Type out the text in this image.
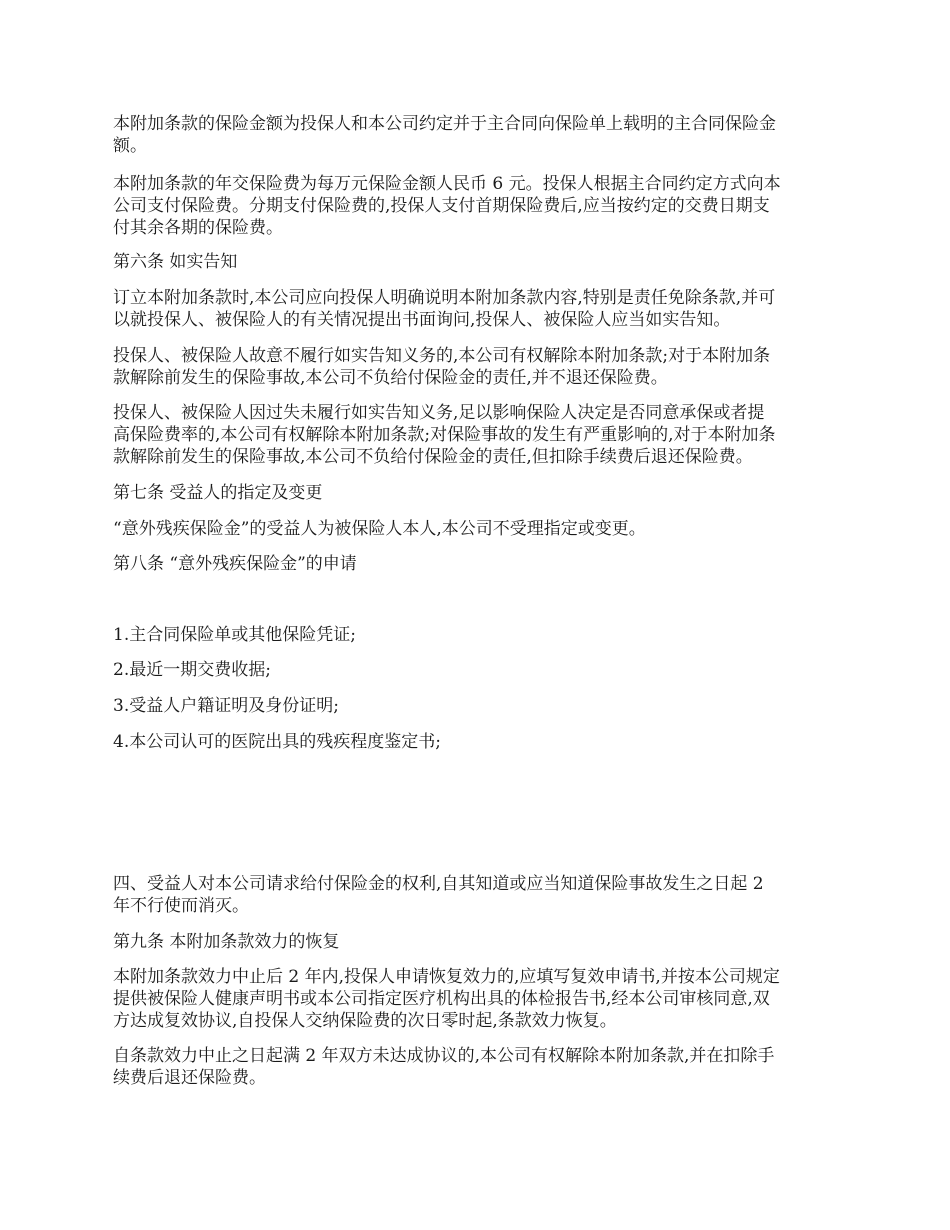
本附加条款的保险金额为投保人和本公司约定并于主合同向保险单上载明的主合同保险金
额。

本附加条款的年交保险费为每万元保险金额人民币 6 元。投保人根据主合同约定方式向本
公司支付保险费。分期支付保险费的,投保人支付首期保险费后,应当按约定的交费日期支
付其余各期的保险费。

第六条 如实告知

订立本附加条款时,本公司应向投保人明确说明本附加条款内容,特别是责任免除条款,并可
以就投保人、被保险人的有关情况提出书面询问,投保人、被保险人应当如实告知。

投保人、被保险人故意不履行如实告知义务的,本公司有权解除本附加条款;对于本附加条
款解除前发生的保险事故,本公司不负给付保险金的责任,并不退还保险费。

投保人、被保险人因过失未履行如实告知义务,足以影响保险人决定是否同意承保或者提
高保险费率的,本公司有权解除本附加条款;对保险事故的发生有严重影响的,对于本附加条
款解除前发生的保险事故,本公司不负给付保险金的责任,但扣除手续费后退还保险费。

第七条 受益人的指定及变更

“意外残疾保险金”的受益人为被保险人本人,本公司不受理指定或变更。

第八条 “意外残疾保险金”的申请

1.主合同保险单或其他保险凭证;

2.最近一期交费收据;

3.受益人户籍证明及身份证明;

4.本公司认可的医院出具的残疾程度鉴定书;

四、受益人对本公司请求给付保险金的权利,自其知道或应当知道保险事故发生之日起 2
年不行使而消灭。

第九条 本附加条款效力的恢复

本附加条款效力中止后 2 年内,投保人申请恢复效力的,应填写复效申请书,并按本公司规定
提供被保险人健康声明书或本公司指定医疗机构出具的体检报告书,经本公司审核同意,双
方达成复效协议,自投保人交纳保险费的次日零时起,条款效力恢复。

自条款效力中止之日起满 2 年双方未达成协议的,本公司有权解除本附加条款,并在扣除手
续费后退还保险费。
